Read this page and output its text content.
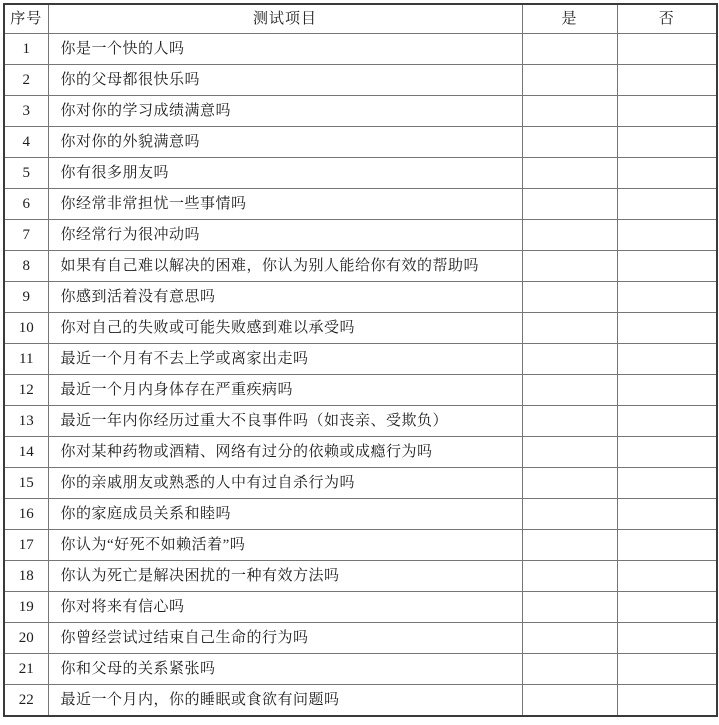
序号	测试项目	是	否
1	你是一个快的人吗		
2	你的父母都很快乐吗		
3	你对你的学习成绩满意吗		
4	你对你的外貌满意吗		
5	你有很多朋友吗		
6	你经常非常担忧一些事情吗		
7	你经常行为很冲动吗		
8	如果有自己难以解决的困难，你认为别人能给你有效的帮助吗		
9	你感到活着没有意思吗		
10	你对自己的失败或可能失败感到难以承受吗		
11	最近一个月有不去上学或离家出走吗		
12	最近一个月内身体存在严重疾病吗		
13	最近一年内你经历过重大不良事件吗（如丧亲、受欺负）		
14	你对某种药物或酒精、网络有过分的依赖或成瘾行为吗		
15	你的亲戚朋友或熟悉的人中有过自杀行为吗		
16	你的家庭成员关系和睦吗		
17	你认为“好死不如赖活着”吗		
18	你认为死亡是解决困扰的一种有效方法吗		
19	你对将来有信心吗		
20	你曾经尝试过结束自己生命的行为吗		
21	你和父母的关系紧张吗		
22	最近一个月内，你的睡眠或食欲有问题吗		
